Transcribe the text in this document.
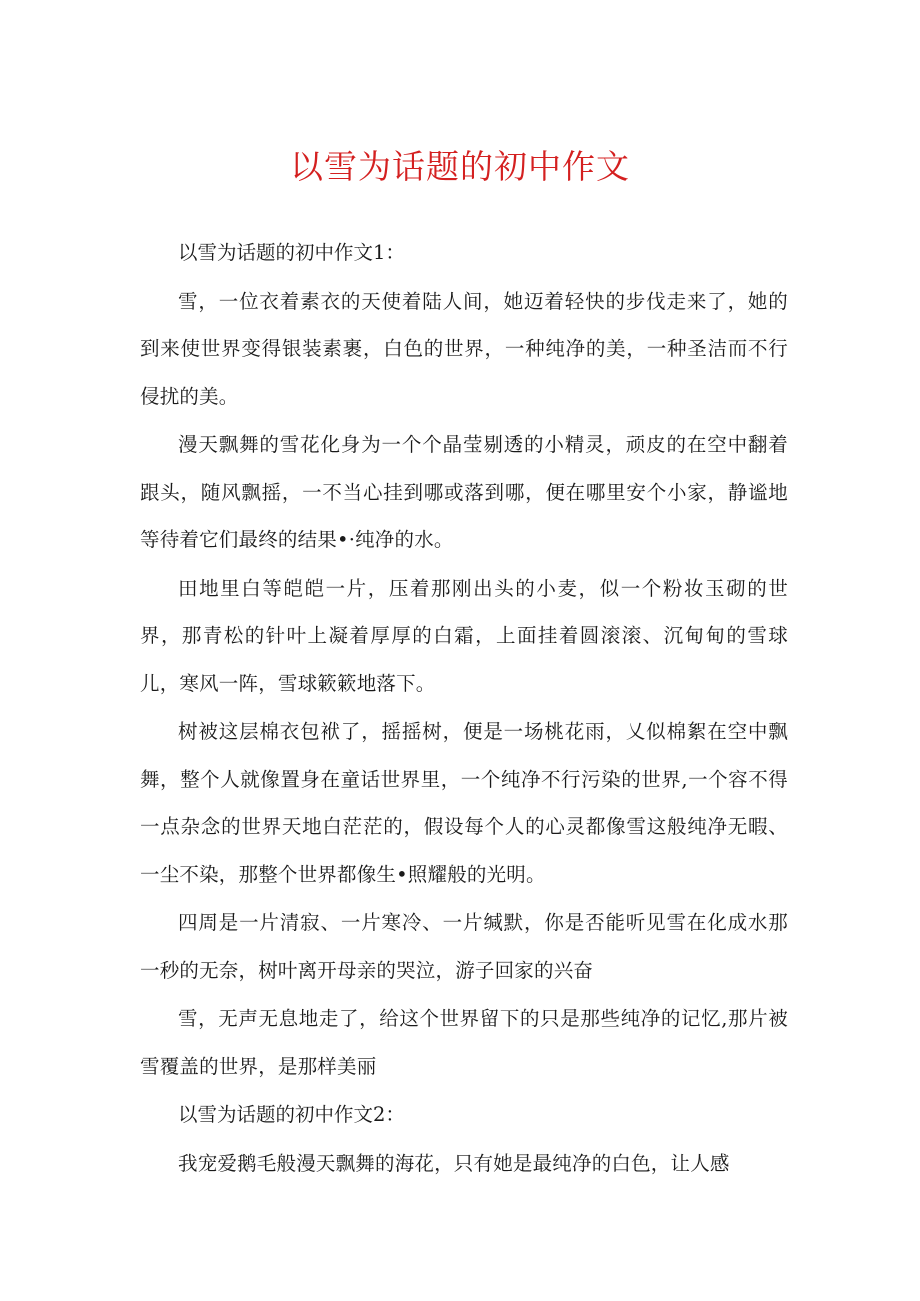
以雪为话题的初中作文

以雪为话题的初中作文1：

雪，一位衣着素衣的天使着陆人间，她迈着轻快的步伐走来了，她的到来使世界变得银装素裹，白色的世界，一种纯净的美，一种圣洁而不行侵扰的美。

漫天飘舞的雪花化身为一个个晶莹剔透的小精灵，顽皮的在空中翻着跟头，随风飘摇，一不当心挂到哪或落到哪，便在哪里安个小家，静谧地等待着它们最终的结果•·纯净的水。

田地里白等皑皑一片，压着那刚出头的小麦，似一个粉妆玉砌的世界，那青松的针叶上凝着厚厚的白霜，上面挂着圆滚滚、沉甸甸的雪球儿，寒风一阵，雪球簌簌地落下。

树被这层棉衣包袱了，摇摇树，便是一场桃花雨，乂似棉絮在空中飘舞，整个人就像置身在童话世界里，一个纯净不行污染的世界,一个容不得一点杂念的世界天地白茫茫的，假设每个人的心灵都像雪这般纯净无暇、一尘不染，那整个世界都像生•照耀般的光明。

四周是一片清寂、一片寒冷、一片缄默，你是否能听见雪在化成水那一秒的无奈，树叶离开母亲的哭泣，游子回家的兴奋

雪，无声无息地走了，给这个世界留下的只是那些纯净的记忆,那片被雪覆盖的世界，是那样美丽

以雪为话题的初中作文2：

我宠爱鹅毛般漫天飘舞的海花，只有她是最纯净的白色，让人感
